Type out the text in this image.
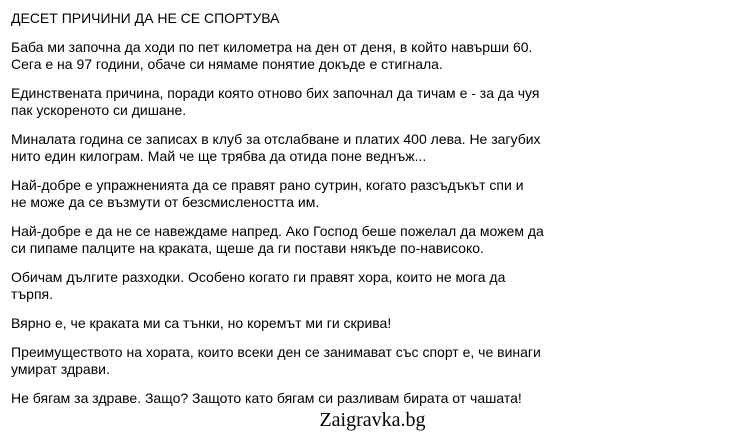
ДЕСЕТ ПРИЧИНИ ДА НЕ СЕ СПОРТУВА
Баба ми започна да ходи по пет километра на ден от деня, в който навърши 60.
Сега е на 97 години, обаче си нямаме понятие докъде е стигнала.
Единствената причина, поради която отново бих започнал да тичам е - за да чуя
пак ускореното си дишане.
Миналата година се записах в клуб за отслабване и платих 400 лева. Не загубих
нито един килограм. Май че ще трябва да отида поне веднъж...
Най-добре е упражненията да се правят рано сутрин, когато разсъдъкът спи и
не може да се възмути от безсмислеността им.
Най-добре е да не се навеждаме напред. Ако Господ беше пожелал да можем да
си пипаме палците на краката, щеше да ги постави някъде по-нависоко.
Обичам дългите разходки. Особено когато ги правят хора, които не мога да
търпя.
Вярно е, че краката ми са тънки, но коремът ми ги скрива!
Преимуществото на хората, които всеки ден се занимават със спорт е, че винаги
умират здрави.
Не бягам за здраве. Защо? Защото като бягам си разливам бирата от чашата!
Zaigravka.bg
